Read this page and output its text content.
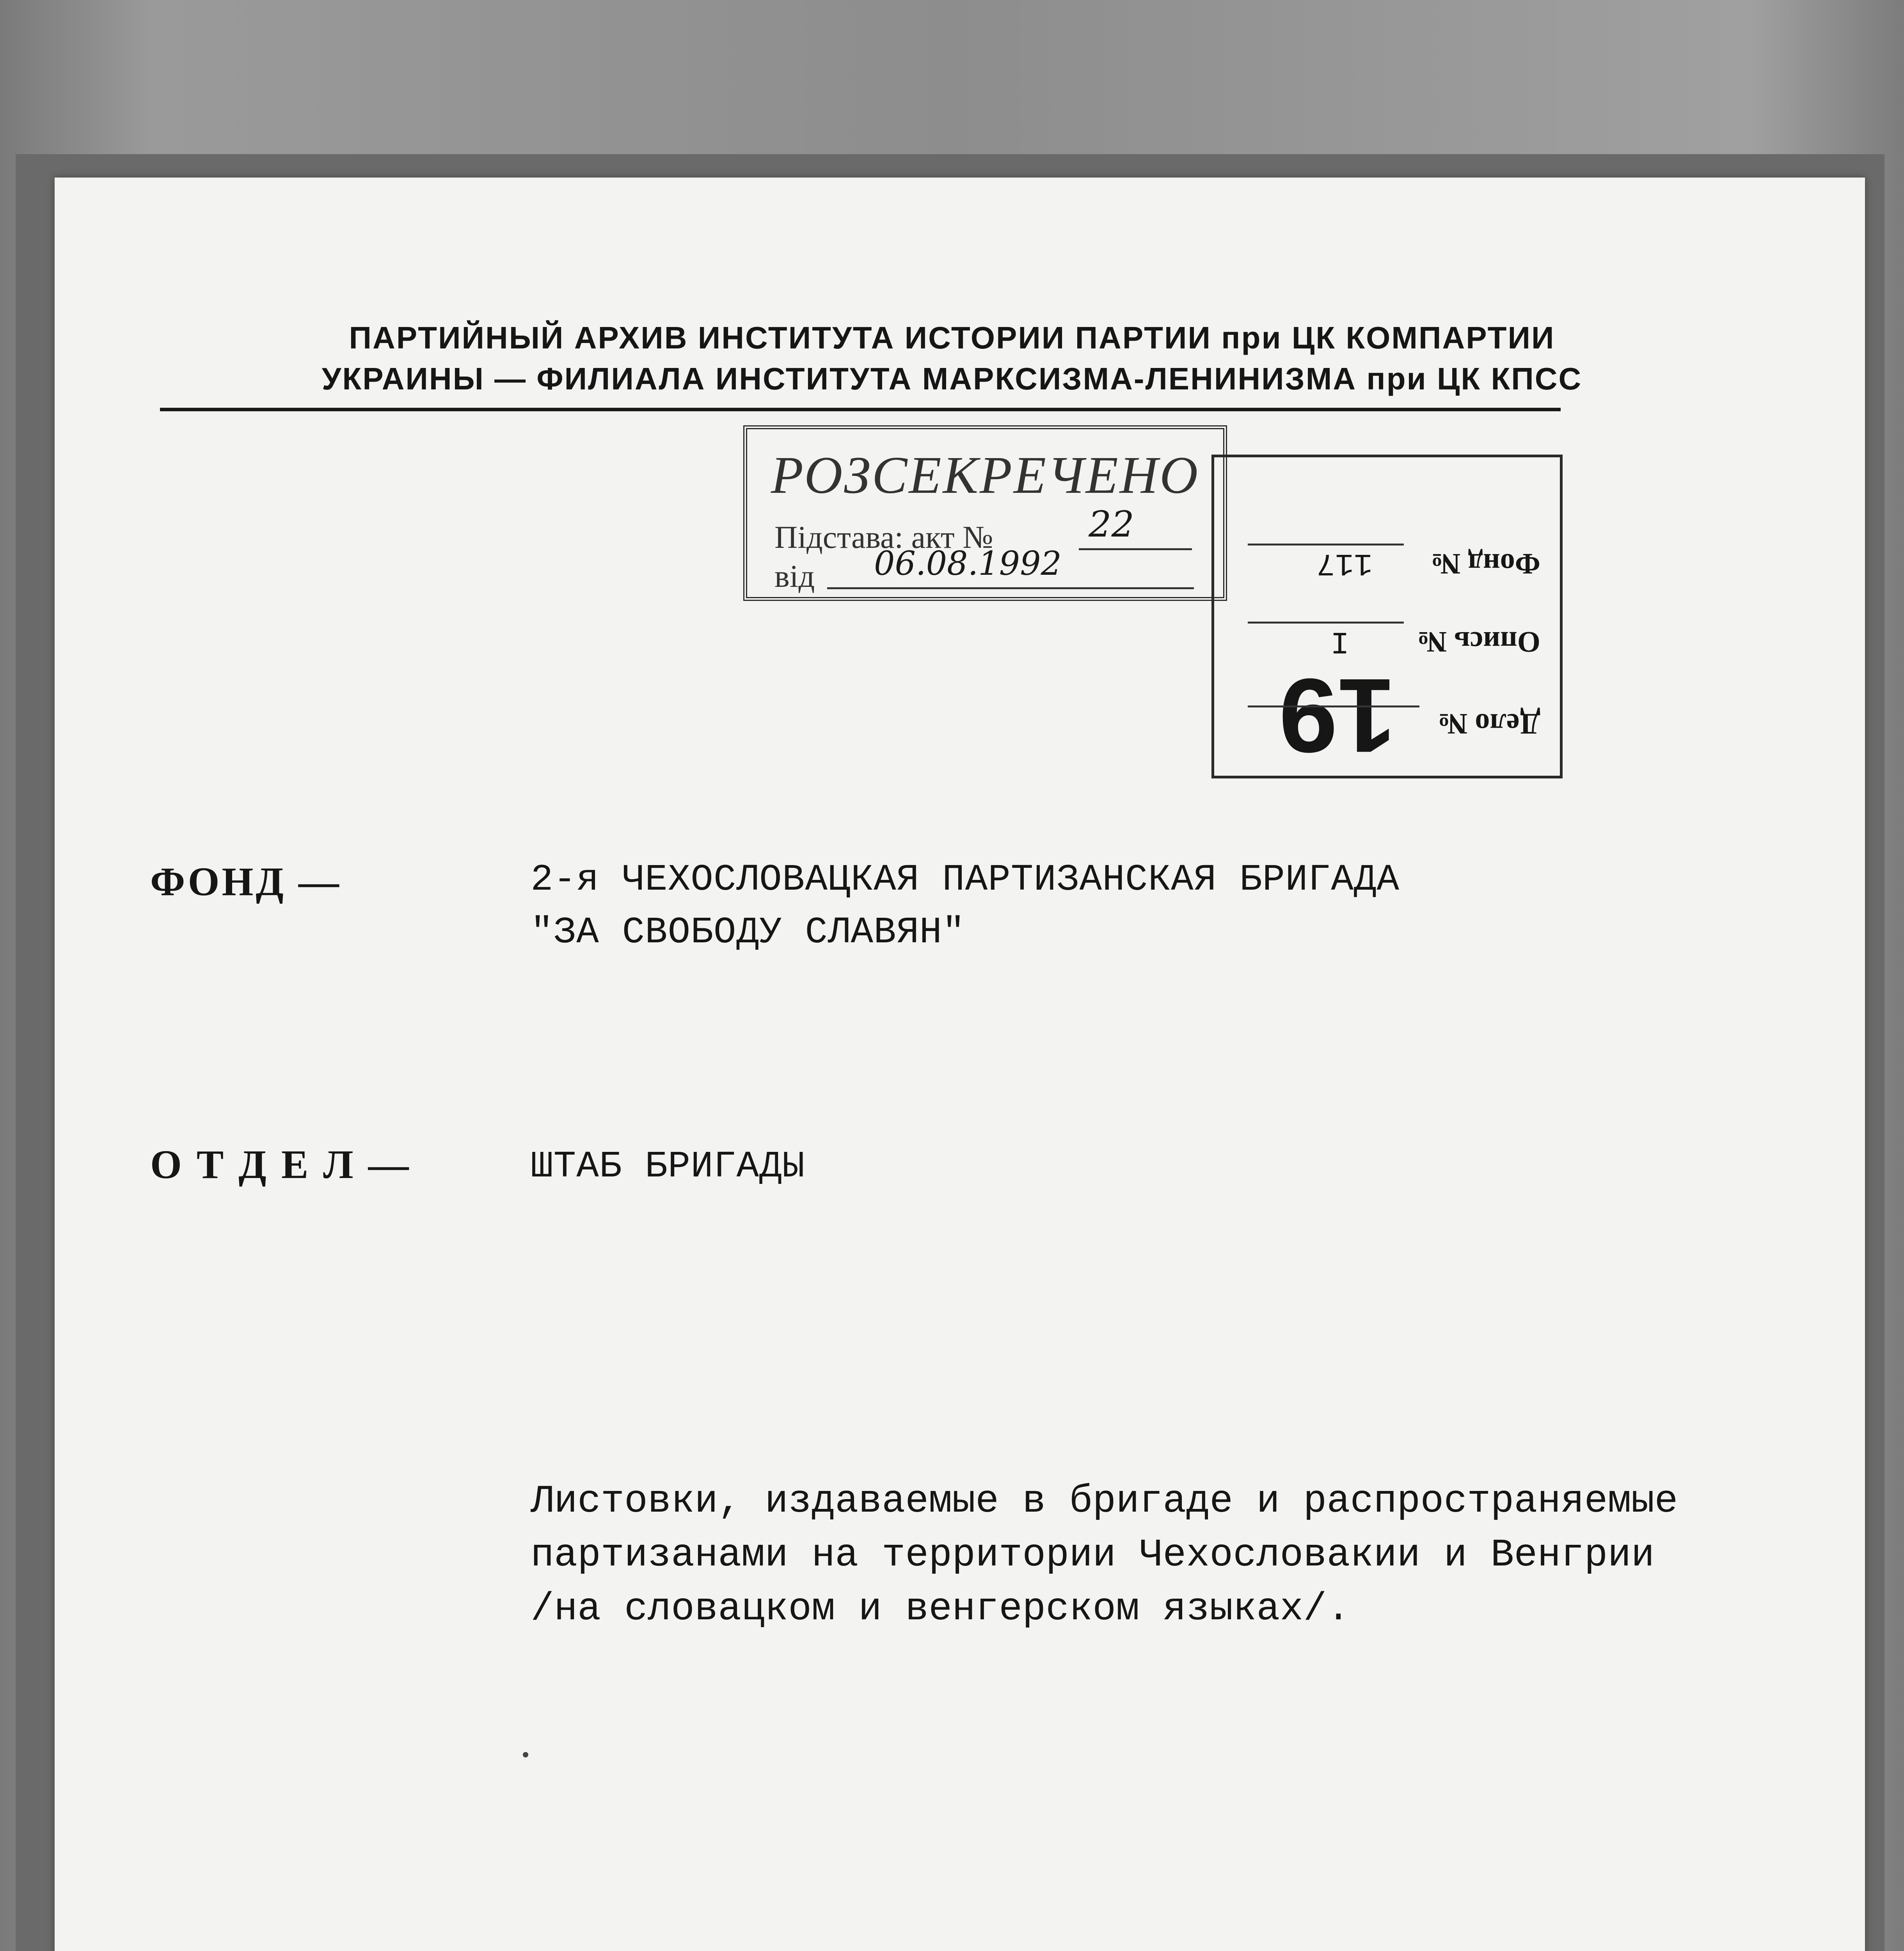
ПАРТИЙНЫЙ АРХИВ ИНСТИТУТА ИСТОРИИ ПАРТИИ при ЦК КОМПАРТИИ
УКРАИНЫ — ФИЛИАЛА ИНСТИТУТА МАРКСИЗМА-ЛЕНИНИЗМА при ЦК КПСС
РОЗСЕКРЕЧЕНО
Підстава: акт №
від
22
06.08.1992
Дело №
19
Опись №
I
Фонд №
117
ФОНД —	2-я ЧЕХОСЛОВАЦКАЯ ПАРТИЗАНСКАЯ БРИГАДА
"ЗА СВОБОДУ СЛАВЯН"
О Т Д Е Л —	ШТАБ БРИГАДЫ
Листовки, издаваемые в бригаде и распространяемые
партизанами на территории Чехословакии и Венгрии
/на словацком и венгерском языках/.
